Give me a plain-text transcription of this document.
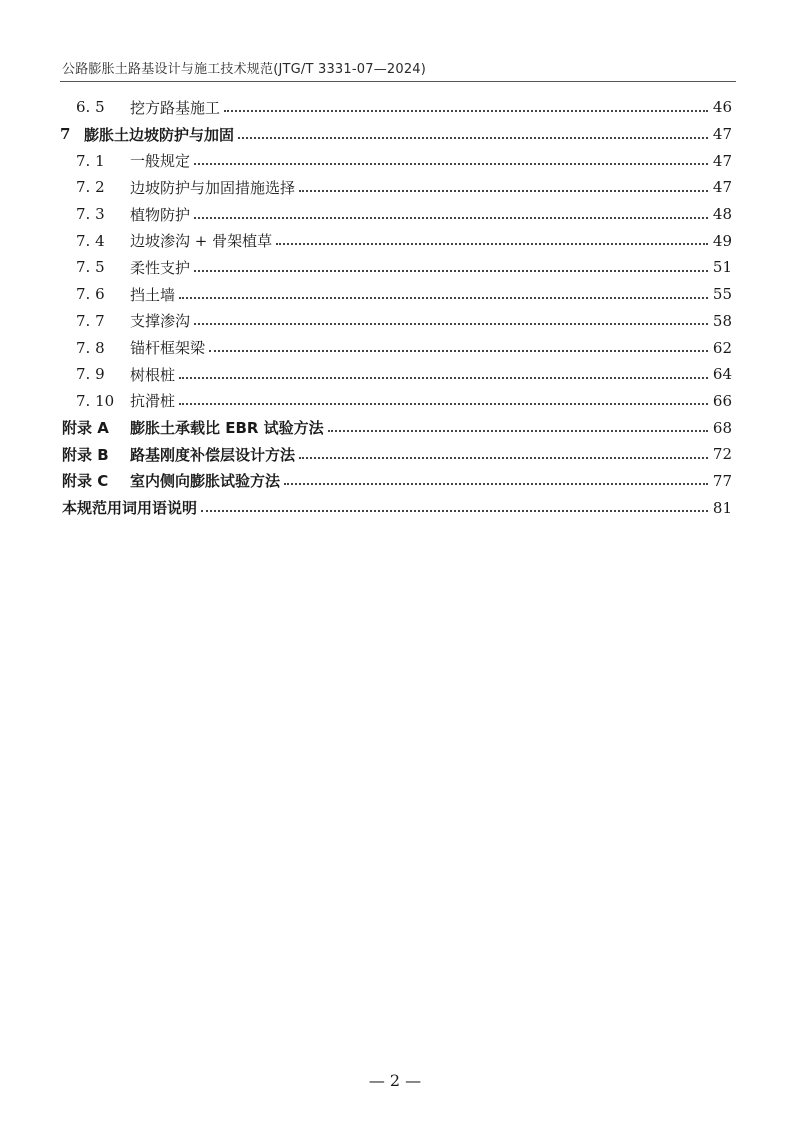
公路膨胀土路基设计与施工技术规范(JTG/T 3331-07—2024)
6. 5	挖方路基施工	46
7 膨胀土边坡防护与加固	47
7. 1	一般规定	47
7. 2	边坡防护与加固措施选择	47
7. 3	植物防护	48
7. 4	边坡渗沟 + 骨架植草	49
7. 5	柔性支护	51
7. 6	挡土墙	55
7. 7	支撑渗沟	58
7. 8	锚杆框架梁	62
7. 9	树根桩	64
7. 10	抗滑桩	66
附录 A	膨胀土承载比 EBR 试验方法	68
附录 B	路基刚度补偿层设计方法	72
附录 C	室内侧向膨胀试验方法	77
本规范用词用语说明	81
— 2 —
